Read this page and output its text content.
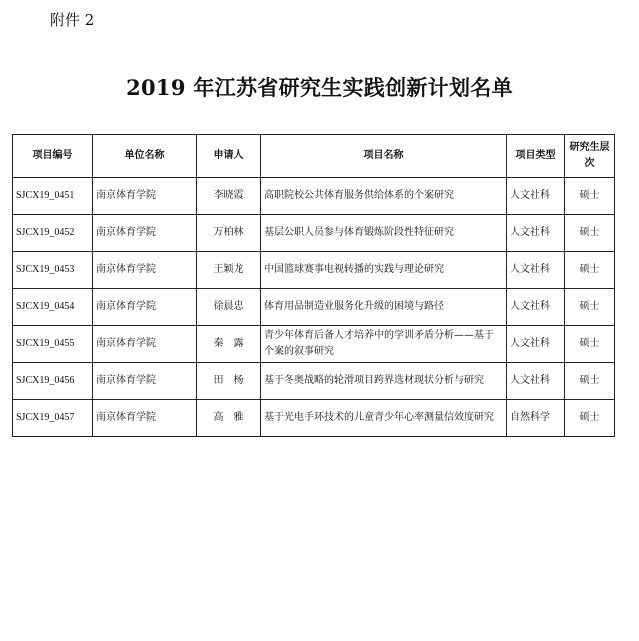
附件 2
2019 年江苏省研究生实践创新计划名单
项目编号	单位名称	申请人	项目名称	项目类型	研究生层次
SJCX19_0451	南京体育学院	李晓霞	高职院校公共体育服务供给体系的个案研究	人文社科	硕士
SJCX19_0452	南京体育学院	万柏林	基层公职人员参与体育锻炼阶段性特征研究	人文社科	硕士
SJCX19_0453	南京体育学院	王颖龙	中国篮球赛事电视转播的实践与理论研究	人文社科	硕士
SJCX19_0454	南京体育学院	徐晨忠	体育用品制造业服务化升级的困境与路径	人文社科	硕士
SJCX19_0455	南京体育学院	秦　露	青少年体育后备人才培养中的学训矛盾分析——基于个案的叙事研究	人文社科	硕士
SJCX19_0456	南京体育学院	田　杨	基于冬奥战略的轮滑项目跨界选材现状分析与研究	人文社科	硕士
SJCX19_0457	南京体育学院	高　雅	基于光电手环技术的儿童青少年心率测量信效度研究	自然科学	硕士
